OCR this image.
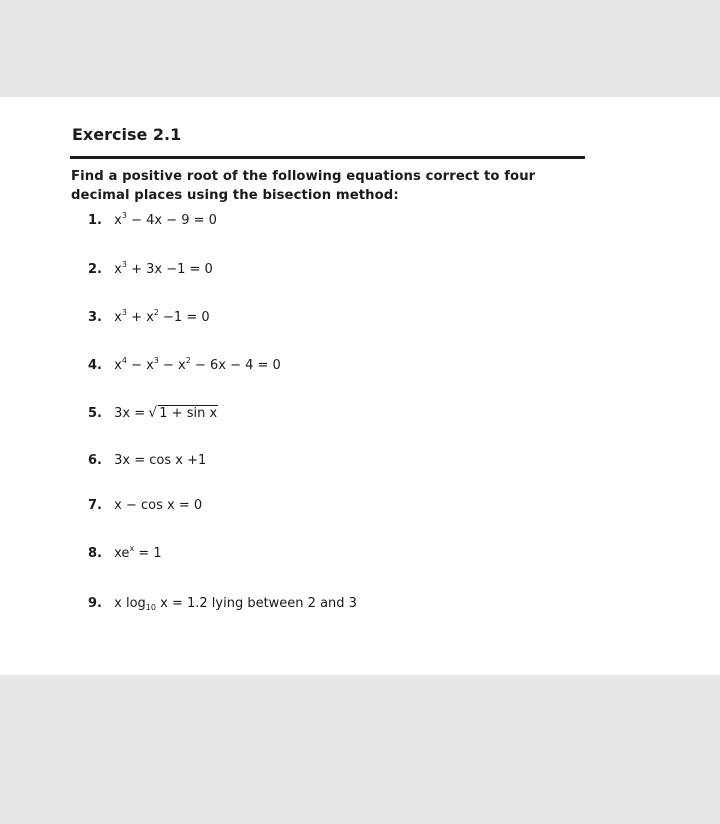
Exercise 2.1
Find a positive root of the following equations correct to four decimal places using the bisection method:
1. $x^3 - 4x - 9 = 0$
2. $x^3 + 3x -1 = 0$
3. $x^3 + x^2 -1 = 0$
4. $x^4 - x^3 - x^2 - 6x - 4 = 0$
5. 3x = √ 1 + sin x
6. 3x = cos x +1
7. x − cos x = 0
8. $xe^x = 1$
9. x $\log_{10} x = 1.2$ lying between 2 and 3
